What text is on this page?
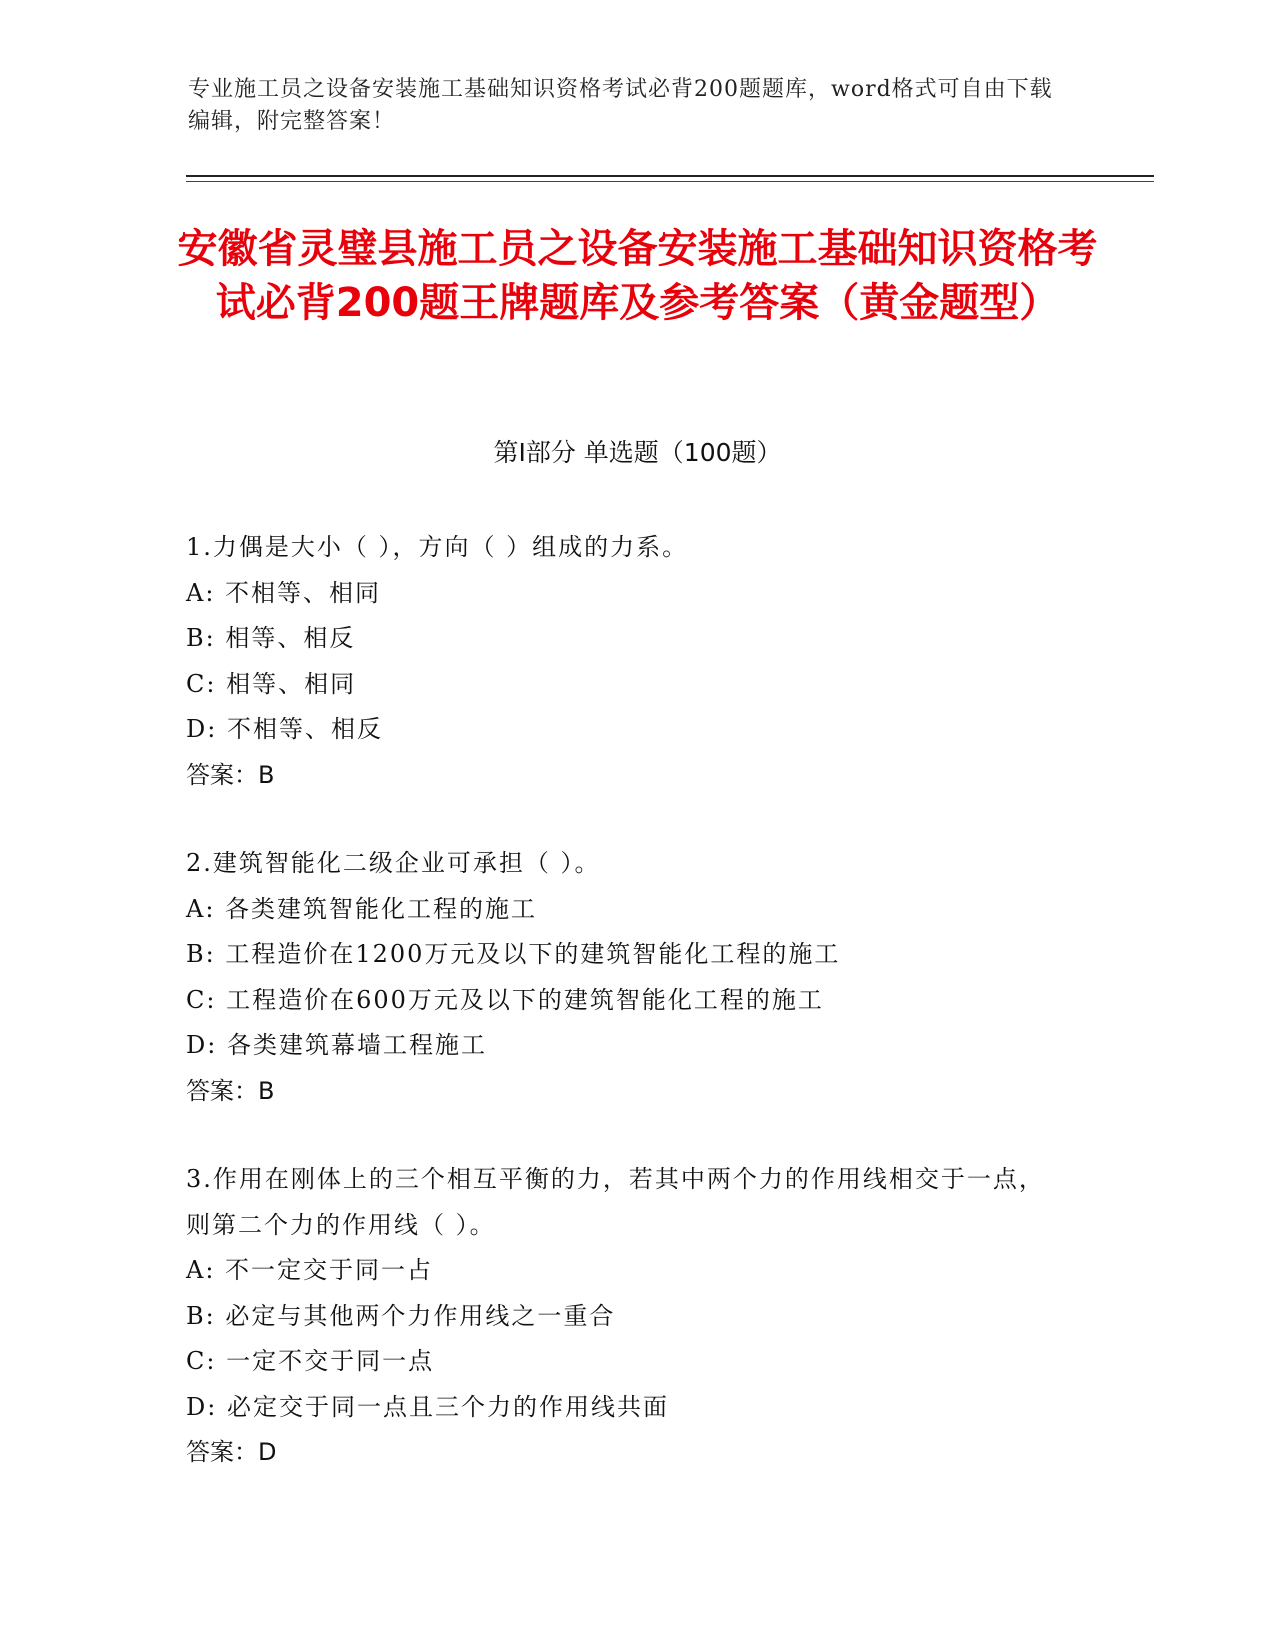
专业施工员之设备安装施工基础知识资格考试必背200题题库，word格式可自由下载编辑，附完整答案！
安徽省灵璧县施工员之设备安装施工基础知识资格考试必背200题王牌题库及参考答案（黄金题型）
第I部分 单选题（100题）
1.力偶是大小（ ），方向（ ）组成的力系。
A: 不相等、相同
B: 相等、相反
C: 相等、相同
D: 不相等、相反
答案：B
2.建筑智能化二级企业可承担（ ）。
A: 各类建筑智能化工程的施工
B: 工程造价在1200万元及以下的建筑智能化工程的施工
C: 工程造价在600万元及以下的建筑智能化工程的施工
D: 各类建筑幕墙工程施工
答案：B
3.作用在刚体上的三个相互平衡的力，若其中两个力的作用线相交于一点，则第二个力的作用线（ ）。
A: 不一定交于同一占
B: 必定与其他两个力作用线之一重合
C: 一定不交于同一点
D: 必定交于同一点且三个力的作用线共面
答案：D
